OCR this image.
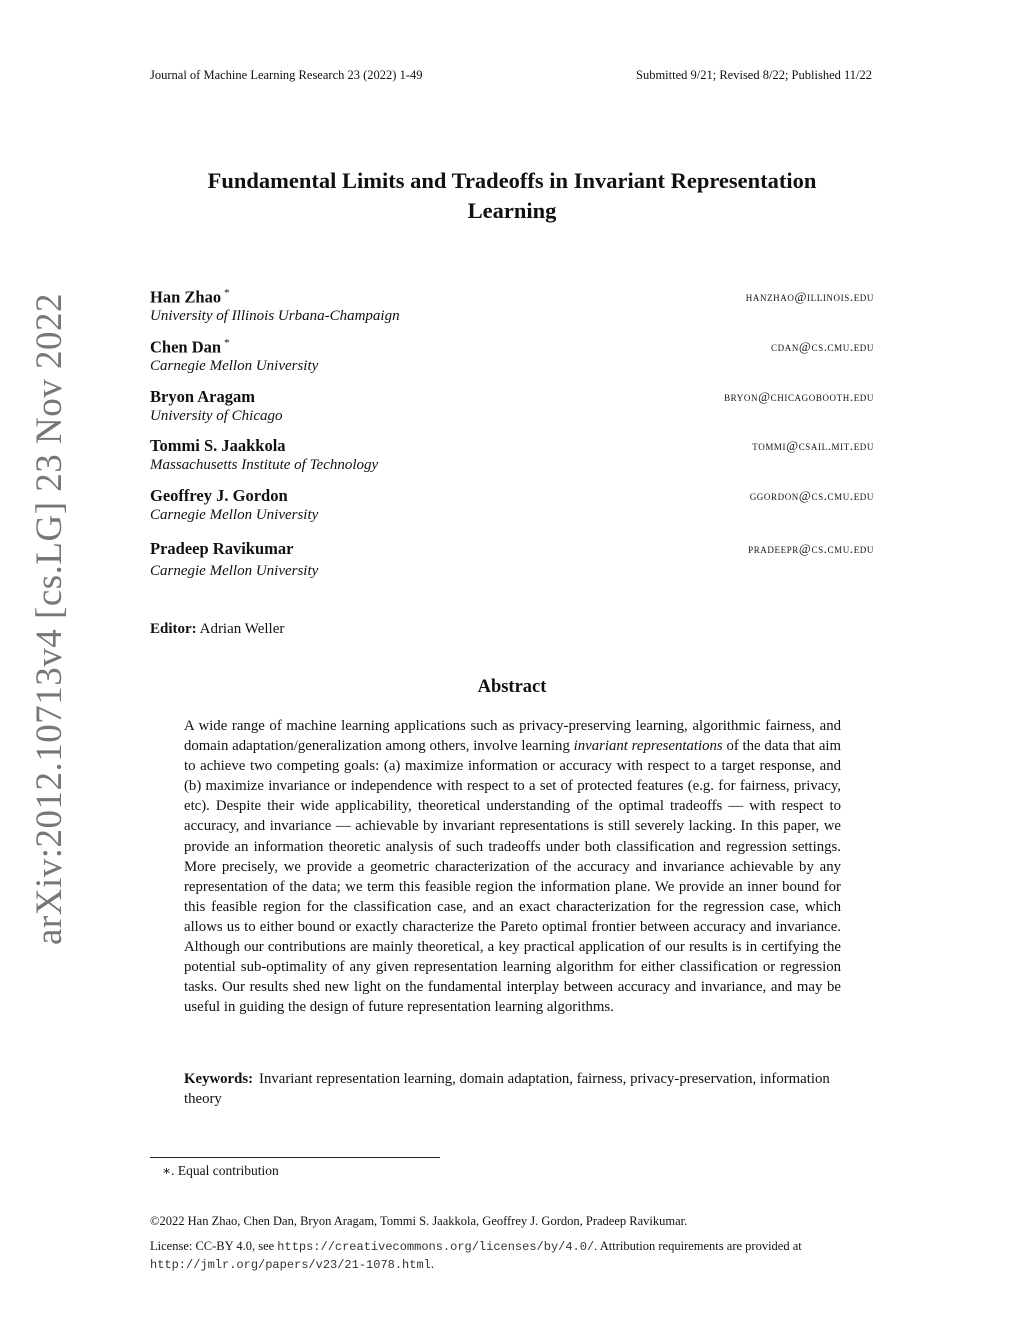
Journal of Machine Learning Research 23 (2022) 1-49	Submitted 9/21; Revised 8/22; Published 11/22
Fundamental Limits and Tradeoffs in Invariant Representation
Learning
Han Zhao *	hanzhao@illinois.edu
University of Illinois Urbana-Champaign
Chen Dan *	cdan@cs.cmu.edu
Carnegie Mellon University
Bryon Aragam	bryon@chicagobooth.edu
University of Chicago
Tommi S. Jaakkola	tommi@csail.mit.edu
Massachusetts Institute of Technology
Geoffrey J. Gordon	ggordon@cs.cmu.edu
Carnegie Mellon University
Pradeep Ravikumar	pradeepr@cs.cmu.edu
Carnegie Mellon University
Editor: Adrian Weller
Abstract
A wide range of machine learning applications such as privacy-preserving learning, algorithmic fairness, and domain adaptation/generalization among others, involve learning invariant representations of the data that aim to achieve two competing goals: (a) maximize information or accuracy with respect to a target response, and (b) maximize invariance or independence with respect to a set of protected features (e.g. for fairness, privacy, etc). Despite their wide applicability, theoretical understanding of the optimal tradeoffs — with respect to accuracy, and invariance — achievable by invariant representations is still severely lacking. In this paper, we provide an information theoretic analysis of such tradeoffs under both classification and regression settings. More precisely, we provide a geometric characterization of the accuracy and invariance achievable by any representation of the data; we term this feasible region the information plane. We provide an inner bound for this feasible region for the classification case, and an exact characterization for the regression case, which allows us to either bound or exactly characterize the Pareto optimal frontier between accuracy and invariance. Although our contributions are mainly theoretical, a key practical application of our results is in certifying the potential sub-optimality of any given representation learning algorithm for either classification or regression tasks. Our results shed new light on the fundamental interplay between accuracy and invariance, and may be useful in guiding the design of future representation learning algorithms.
Keywords: Invariant representation learning, domain adaptation, fairness, privacy-preservation, information theory
∗. Equal contribution
©2022 Han Zhao, Chen Dan, Bryon Aragam, Tommi S. Jaakkola, Geoffrey J. Gordon, Pradeep Ravikumar.
License: CC-BY 4.0, see https://creativecommons.org/licenses/by/4.0/. Attribution requirements are provided at http://jmlr.org/papers/v23/21-1078.html.
arXiv:2012.10713v4 [cs.LG] 23 Nov 2022
